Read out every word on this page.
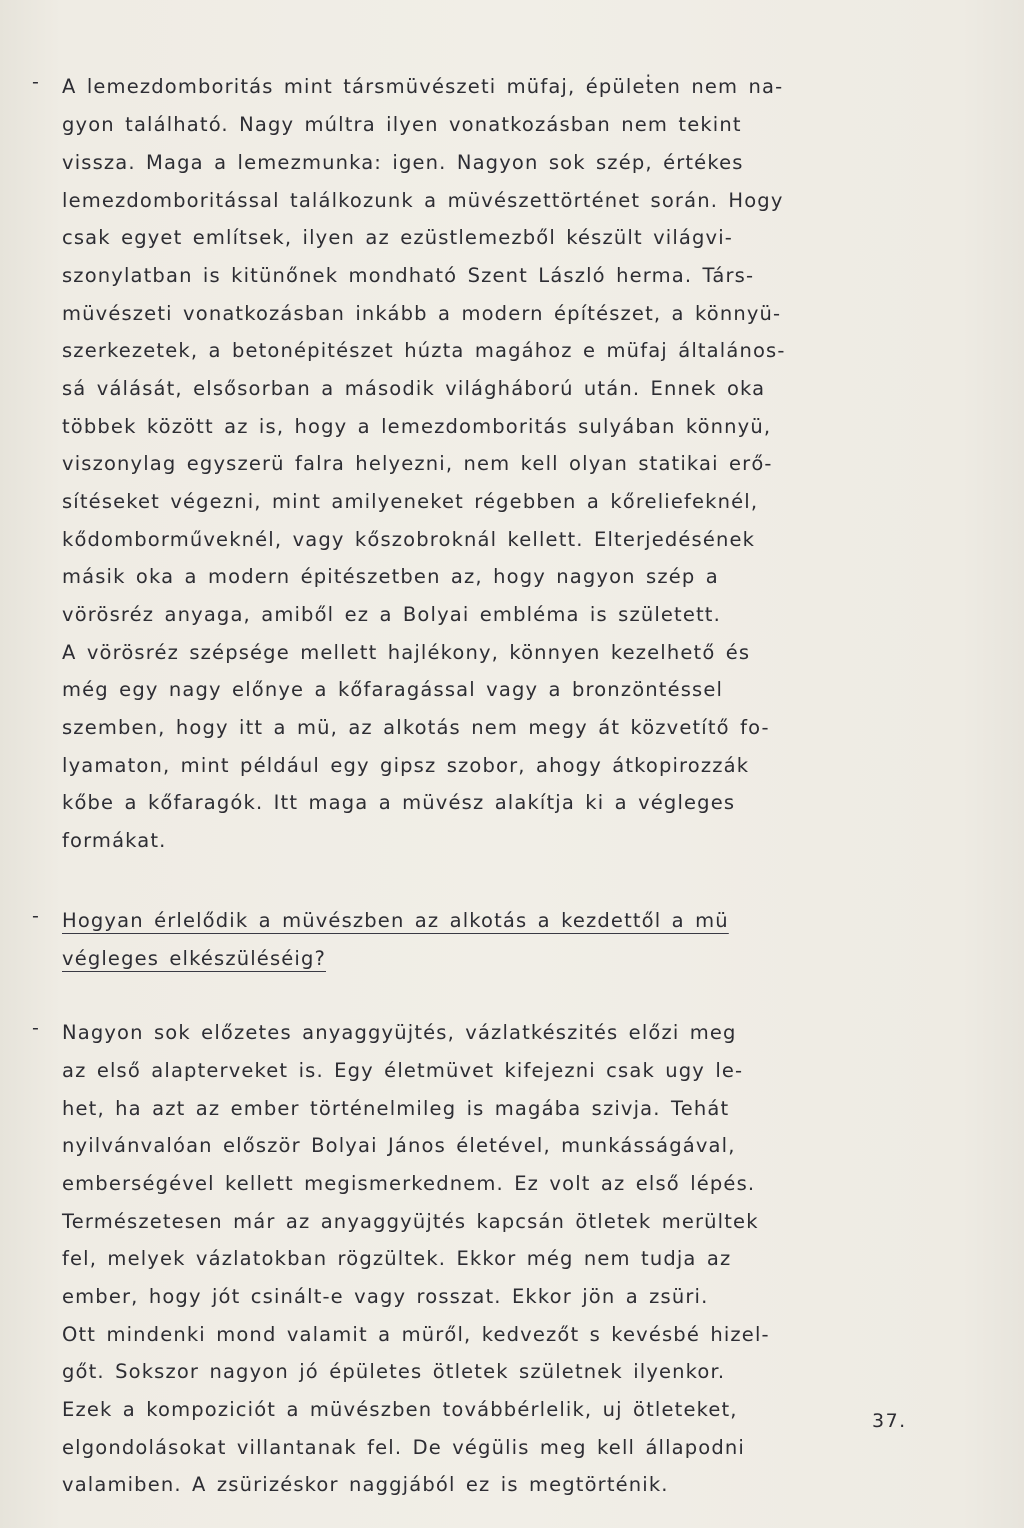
- A lemezdomboritás mint társmüvészeti müfaj, épüleṫen nem na-
gyon található. Nagy múltra ilyen vonatkozásban nem tekint
vissza. Maga a lemezmunka: igen. Nagyon sok szép, értékes
lemezdomboritással találkozunk a müvészettörténet során. Hogy
csak egyet említsek, ilyen az ezüstlemezből készült világvi-
szonylatban is kitünőnek mondható Szent László herma. Társ-
müvészeti vonatkozásban inkább a modern építészet, a könnyü-
szerkezetek, a betonépitészet húzta magához e müfaj általános-
sá válását, elsősorban a második világháború után. Ennek oka
többek között az is, hogy a lemezdomboritás sulyában könnyü,
viszonylag egyszerü falra helyezni, nem kell olyan statikai erő-
sítéseket végezni, mint amilyeneket régebben a kőreliefeknél,
kődomborműveknél, vagy kőszobroknál kellett. Elterjedésének
másik oka a modern épitészetben az, hogy nagyon szép a
vörösréz anyaga, amiből ez a Bolyai embléma is született.
A vörösréz szépsége mellett hajlékony, könnyen kezelhető és
még egy nagy előnye a kőfaragással vagy a bronzöntéssel
szemben, hogy itt a mü, az alkotás nem megy át közvetítő fo-
lyamaton, mint például egy gipsz szobor, ahogy átkopirozzák
kőbe a kőfaragók. Itt maga a müvész alakítja ki a végleges
formákat.
- Hogyan érlelődik a müvészben az alkotás a kezdettől a mü
végleges elkészüléséig?
- Nagyon sok előzetes anyaggyüjtés, vázlatkészités előzi meg
az első alapterveket is. Egy életmüvet kifejezni csak ugy le-
het, ha azt az ember történelmileg is magába szivja. Tehát
nyilvánvalóan először Bolyai János életével, munkásságával,
emberségével kellett megismerkednem. Ez volt az első lépés.
Természetesen már az anyaggyüjtés kapcsán ötletek merültek
fel, melyek vázlatokban rögzültek. Ekkor még nem tudja az
ember, hogy jót csinált-e vagy rosszat. Ekkor jön a zsüri.
Ott mindenki mond valamit a müről, kedvezőt s kevésbé hizel-
gőt. Sokszor nagyon jó épületes ötletek születnek ilyenkor.
Ezek a kompoziciót a müvészben továbbérlelik, uj ötleteket,
elgondolásokat villantanak fel. De végülis meg kell állapodni
valamiben. A zsürizéskor naggjából ez is megtörténik.
37.
